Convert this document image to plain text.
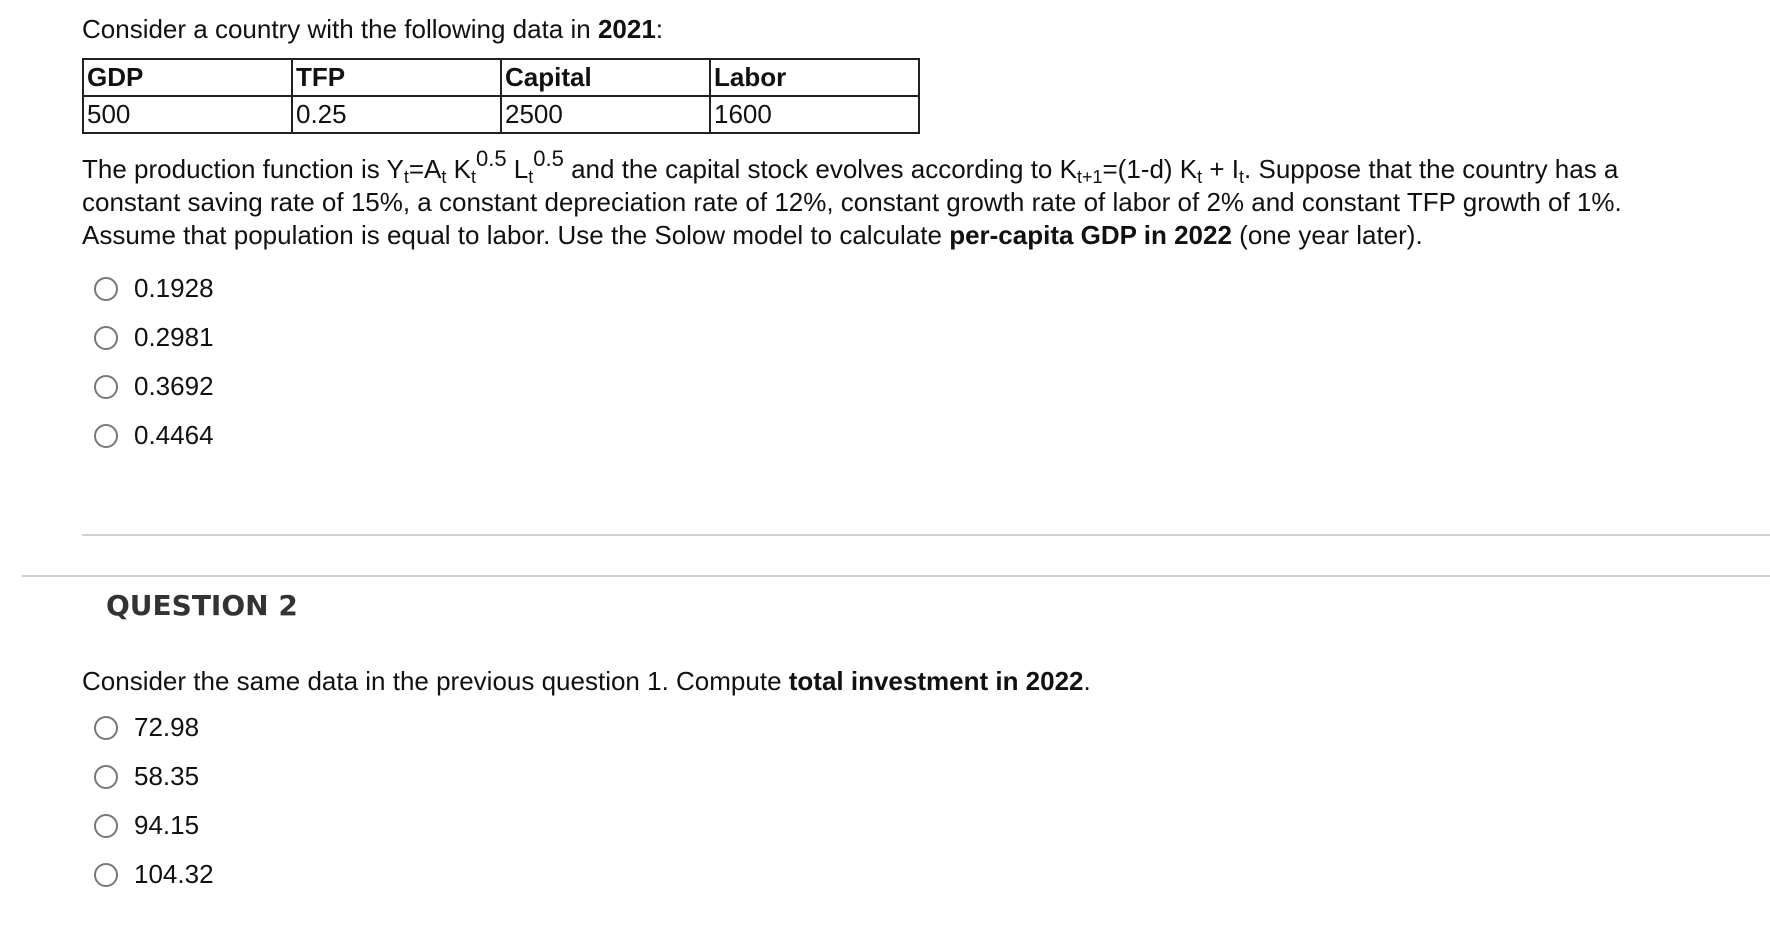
Consider a country with the following data in 2021:
GDP	TFP	Capital	Labor
500	0.25	2500	1600
The production function is $Y_t=A_t$ $K_t^{0.5}$ $L_t^{0.5}$ and the capital stock evolves according to $K_{t+1}=(1-d) K_t + I_t$. Suppose that the country has a constant saving rate of 15%, a constant depreciation rate of 12%, constant growth rate of labor of 2% and constant TFP growth of 1%. Assume that population is equal to labor. Use the Solow model to calculate per-capita GDP in 2022 (one year later).
0.1928
0.2981
0.3692
0.4464
QUESTION 2
Consider the same data in the previous question 1. Compute total investment in 2022.
72.98
58.35
94.15
104.32
